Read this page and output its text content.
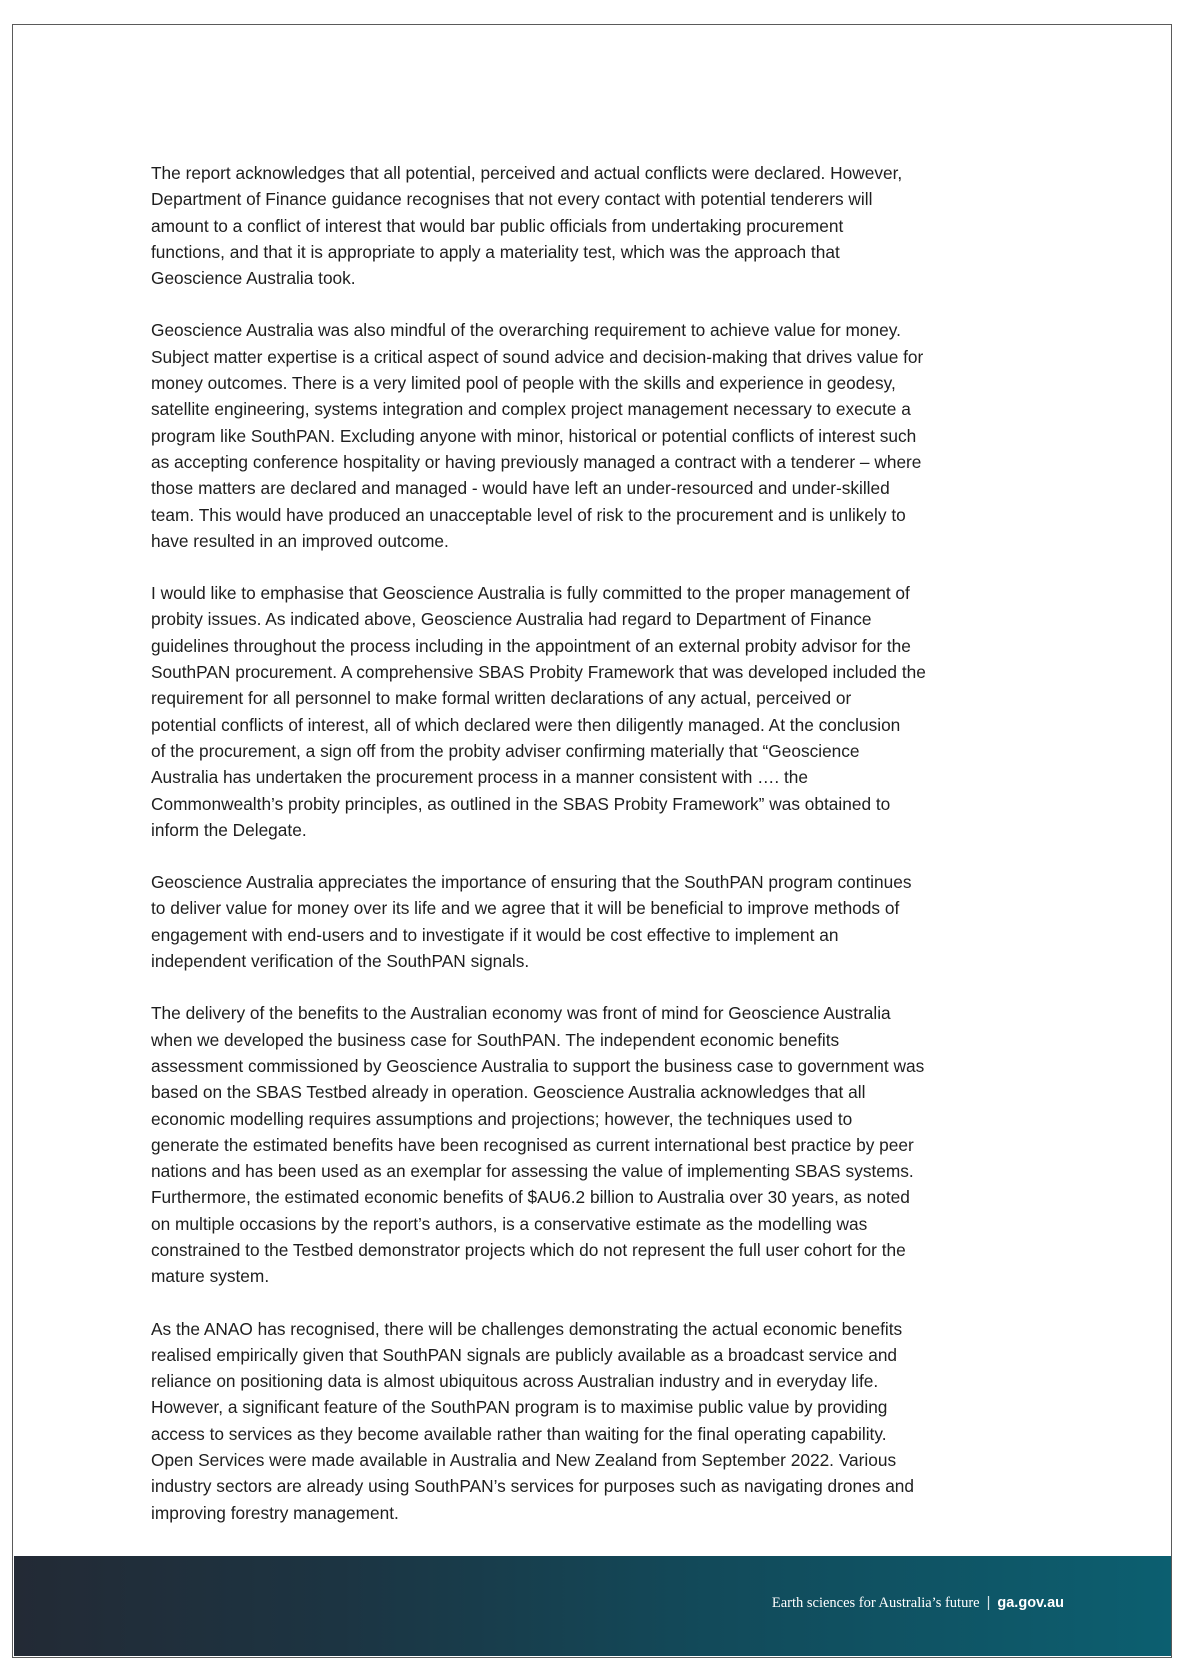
The report acknowledges that all potential, perceived and actual conflicts were declared. However,
Department of Finance guidance recognises that not every contact with potential tenderers will
amount to a conflict of interest that would bar public officials from undertaking procurement
functions, and that it is appropriate to apply a materiality test, which was the approach that
Geoscience Australia took.

Geoscience Australia was also mindful of the overarching requirement to achieve value for money.
Subject matter expertise is a critical aspect of sound advice and decision-making that drives value for
money outcomes. There is a very limited pool of people with the skills and experience in geodesy,
satellite engineering, systems integration and complex project management necessary to execute a
program like SouthPAN. Excluding anyone with minor, historical or potential conflicts of interest such
as accepting conference hospitality or having previously managed a contract with a tenderer – where
those matters are declared and managed - would have left an under-resourced and under-skilled
team. This would have produced an unacceptable level of risk to the procurement and is unlikely to
have resulted in an improved outcome.

I would like to emphasise that Geoscience Australia is fully committed to the proper management of
probity issues. As indicated above, Geoscience Australia had regard to Department of Finance
guidelines throughout the process including in the appointment of an external probity advisor for the
SouthPAN procurement. A comprehensive SBAS Probity Framework that was developed included the
requirement for all personnel to make formal written declarations of any actual, perceived or
potential conflicts of interest, all of which declared were then diligently managed. At the conclusion
of the procurement, a sign off from the probity adviser confirming materially that “Geoscience
Australia has undertaken the procurement process in a manner consistent with …. the
Commonwealth’s probity principles, as outlined in the SBAS Probity Framework” was obtained to
inform the Delegate.

Geoscience Australia appreciates the importance of ensuring that the SouthPAN program continues
to deliver value for money over its life and we agree that it will be beneficial to improve methods of
engagement with end-users and to investigate if it would be cost effective to implement an
independent verification of the SouthPAN signals.

The delivery of the benefits to the Australian economy was front of mind for Geoscience Australia
when we developed the business case for SouthPAN. The independent economic benefits
assessment commissioned by Geoscience Australia to support the business case to government was
based on the SBAS Testbed already in operation. Geoscience Australia acknowledges that all
economic modelling requires assumptions and projections; however, the techniques used to
generate the estimated benefits have been recognised as current international best practice by peer
nations and has been used as an exemplar for assessing the value of implementing SBAS systems.
Furthermore, the estimated economic benefits of $AU6.2 billion to Australia over 30 years, as noted
on multiple occasions by the report’s authors, is a conservative estimate as the modelling was
constrained to the Testbed demonstrator projects which do not represent the full user cohort for the
mature system.

As the ANAO has recognised, there will be challenges demonstrating the actual economic benefits
realised empirically given that SouthPAN signals are publicly available as a broadcast service and
reliance on positioning data is almost ubiquitous across Australian industry and in everyday life.
However, a significant feature of the SouthPAN program is to maximise public value by providing
access to services as they become available rather than waiting for the final operating capability.
Open Services were made available in Australia and New Zealand from September 2022. Various
industry sectors are already using SouthPAN’s services for purposes such as navigating drones and
improving forestry management.

Earth sciences for Australia’s future | ga.gov.au
